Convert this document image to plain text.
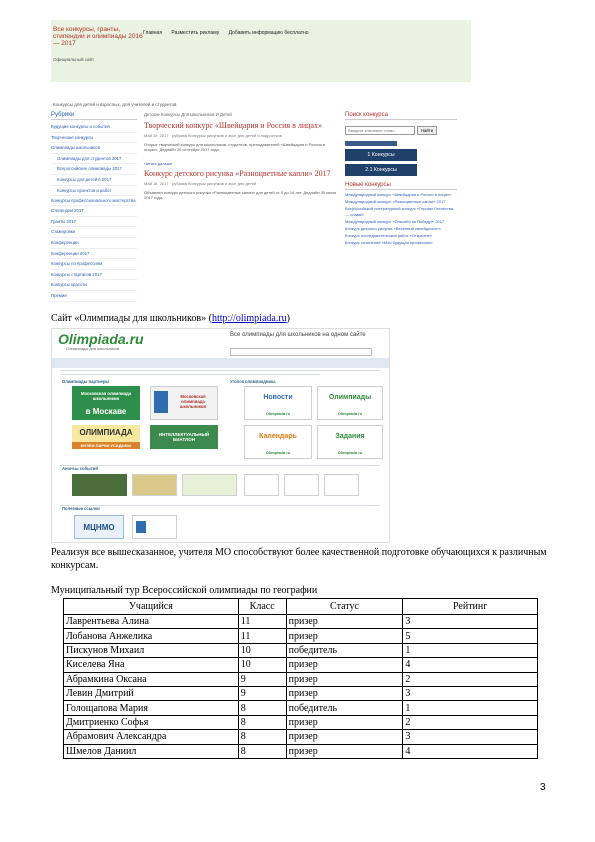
Все конкурсы, гранты, стипендии и олимпиады 2016 — 2017
Официальный сайт
Главная Разместить рекламу Добавить информацию бесплатно
Конкурсы для детей и взрослых, для учителей и студентов
Рубрики
Будущие конкурсы и события
Творческие конкурсы
Олимпиады школьников
Олимпиады для студентов 2017
Всероссийские олимпиады 2017
Конкурсы для детей в 2017
Конкурсы проектов и работ
Конкурсы профессионального мастерства
Стипендии 2017
Гранты 2017
Стажировки
Конференции
Конференции 2017
Конкурсы по профессиям
Конкурсы стартапов 2017
Конкурсы красоты
Премии
Детские Конкурсы Для Школьников И Детей
Творческий конкурс «Швейцария и Россия в лицах»
Май 19, 2017 · рубрика Конкурсы рисунков и эссе для детей и подростков
Открыт творческий конкурс для школьников, студентов, преподавателей «Швейцария и Россия в лицах». Дедлайн 20 сентября 2017 года.
Читать дальше
Конкурс детского рисунка «Разноцветные капли» 2017
Май 18, 2017 · рубрика Конкурсы рисунков и эссе для детей
Объявлен конкурс детского рисунка «Разноцветные капли» для детей от 5 до 14 лет. Дедлайн 30 июня 2017 года.
Поиск конкурса
Введите ключевое слово	Найти
1 Конкурсы
2.1 Конкурсы
Новые конкурсы
Международный конкурс «Швейцария и Россия в лицах»
Международный конкурс «Разноцветные капли» 2017
Всероссийский литературный конкурс «Героям Отечества — слава!»
Международный конкурс «Спасибо за Победу!» 2017
Конкурс детского рисунка «Весенний калейдоскоп»
Конкурс исследовательских работ «Открытие»
Конкурс сочинений «Моя будущая профессия»
Сайт «Олимпиады для школьников» (http://olimpiada.ru)
Olimpiada.ru
Олимпиады для школьников
Все олимпиады для школьников на одном сайте
Олимпиады-партнеры	Уголок олимпиадника
Московская олимпиада школьников
в Москаве
Московская олимпиада школьников
ОЛИМПИАДА
МУЗЕИ ПАРКИ УСАДЬБЫ
ИНТЕЛЛЕКТУАЛЬНЫЙ БИАТЛОН
Новости
Olimpiada.ru
Олимпиады
Olimpiada.ru
Календарь
Olimpiada.ru
Задания
Olimpiada.ru
Анонсы событий
Полезные ссылки
МЦНМО
Реализуя все вышесказанное, учителя МО способствуют более качественной подготовке обучающихся к различным конкурсам.
Муниципальный тур Всероссийской олимпиады по географии
Учащийся	Класс	Статус	Рейтинг
Лаврентьева Алина	11	призер	3
Лобанова Анжелика	11	призер	5
Пискунов Михаил	10	победитель	1
Киселева Яна	10	призер	4
Абрамкина Оксана	9	призер	2
Левин Дмитрий	9	призер	3
Голощапова Мария	8	победитель	1
Дмитриенко Софья	8	призер	2
Абрамович Александра	8	призер	3
Шмелов Даниил	8	призер	4
3
